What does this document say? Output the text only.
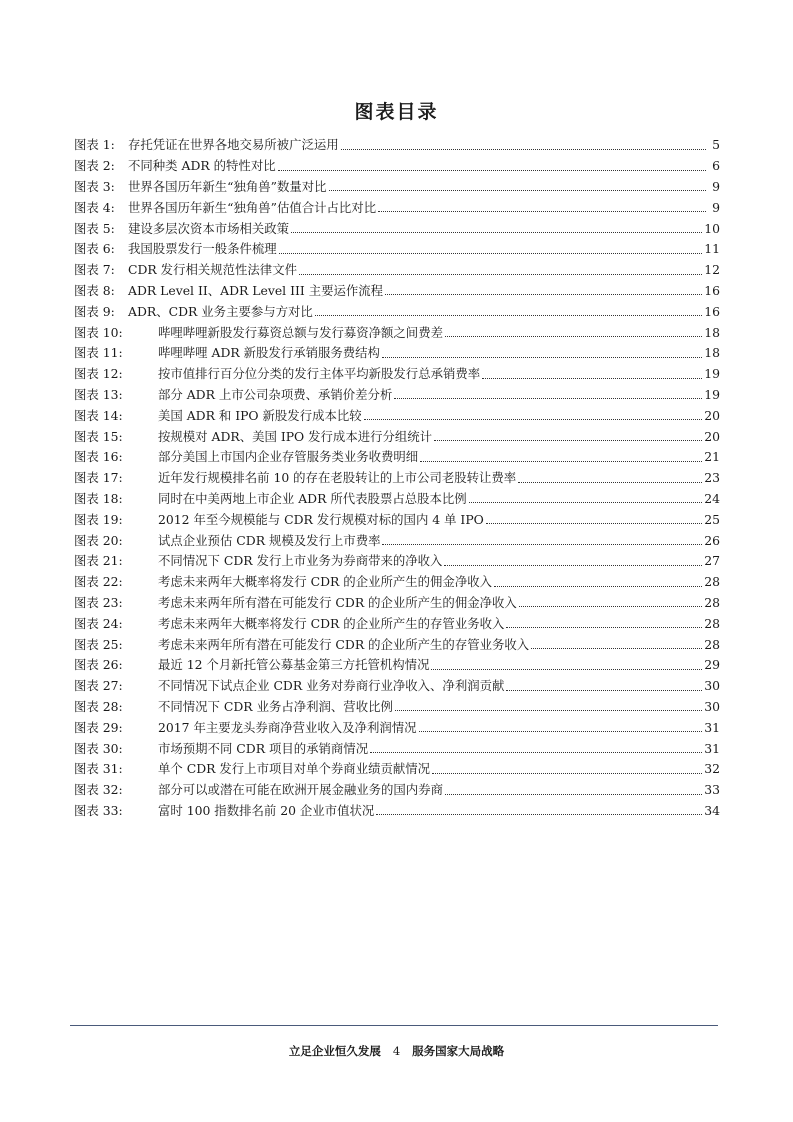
图表目录
图表 1:	存托凭证在世界各地交易所被广泛运用	5
图表 2:	不同种类 ADR 的特性对比	6
图表 3:	世界各国历年新生“独角兽”数量对比	9
图表 4:	世界各国历年新生“独角兽”估值合计占比对比	9
图表 5:	建设多层次资本市场相关政策	10
图表 6:	我国股票发行一般条件梳理	11
图表 7:	CDR 发行相关规范性法律文件	12
图表 8:	ADR Level II、ADR Level III 主要运作流程	16
图表 9:	ADR、CDR 业务主要参与方对比	16
图表 10:	哔哩哔哩新股发行募资总额与发行募资净额之间费差	18
图表 11:	哔哩哔哩 ADR 新股发行承销服务费结构	18
图表 12:	按市值排行百分位分类的发行主体平均新股发行总承销费率	19
图表 13:	部分 ADR 上市公司杂项费、承销价差分析	19
图表 14:	美国 ADR 和 IPO 新股发行成本比较	20
图表 15:	按规模对 ADR、美国 IPO 发行成本进行分组统计	20
图表 16:	部分美国上市国内企业存管服务类业务收费明细	21
图表 17:	近年发行规模排名前 10 的存在老股转让的上市公司老股转让费率	23
图表 18:	同时在中美两地上市企业 ADR 所代表股票占总股本比例	24
图表 19:	2012 年至今规模能与 CDR 发行规模对标的国内 4 单 IPO	25
图表 20:	试点企业预估 CDR 规模及发行上市费率	26
图表 21:	不同情况下 CDR 发行上市业务为券商带来的净收入	27
图表 22:	考虑未来两年大概率将发行 CDR 的企业所产生的佣金净收入	28
图表 23:	考虑未来两年所有潜在可能发行 CDR 的企业所产生的佣金净收入	28
图表 24:	考虑未来两年大概率将发行 CDR 的企业所产生的存管业务收入	28
图表 25:	考虑未来两年所有潜在可能发行 CDR 的企业所产生的存管业务收入	28
图表 26:	最近 12 个月新托管公募基金第三方托管机构情况	29
图表 27:	不同情况下试点企业 CDR 业务对券商行业净收入、净利润贡献	30
图表 28:	不同情况下 CDR 业务占净利润、营收比例	30
图表 29:	2017 年主要龙头券商净营业收入及净利润情况	31
图表 30:	市场预期不同 CDR 项目的承销商情况	31
图表 31:	单个 CDR 发行上市项目对单个券商业绩贡献情况	32
图表 32:	部分可以或潜在可能在欧洲开展金融业务的国内券商	33
图表 33:	富时 100 指数排名前 20 企业市值状况	34
立足企业恒久发展 4 服务国家大局战略
